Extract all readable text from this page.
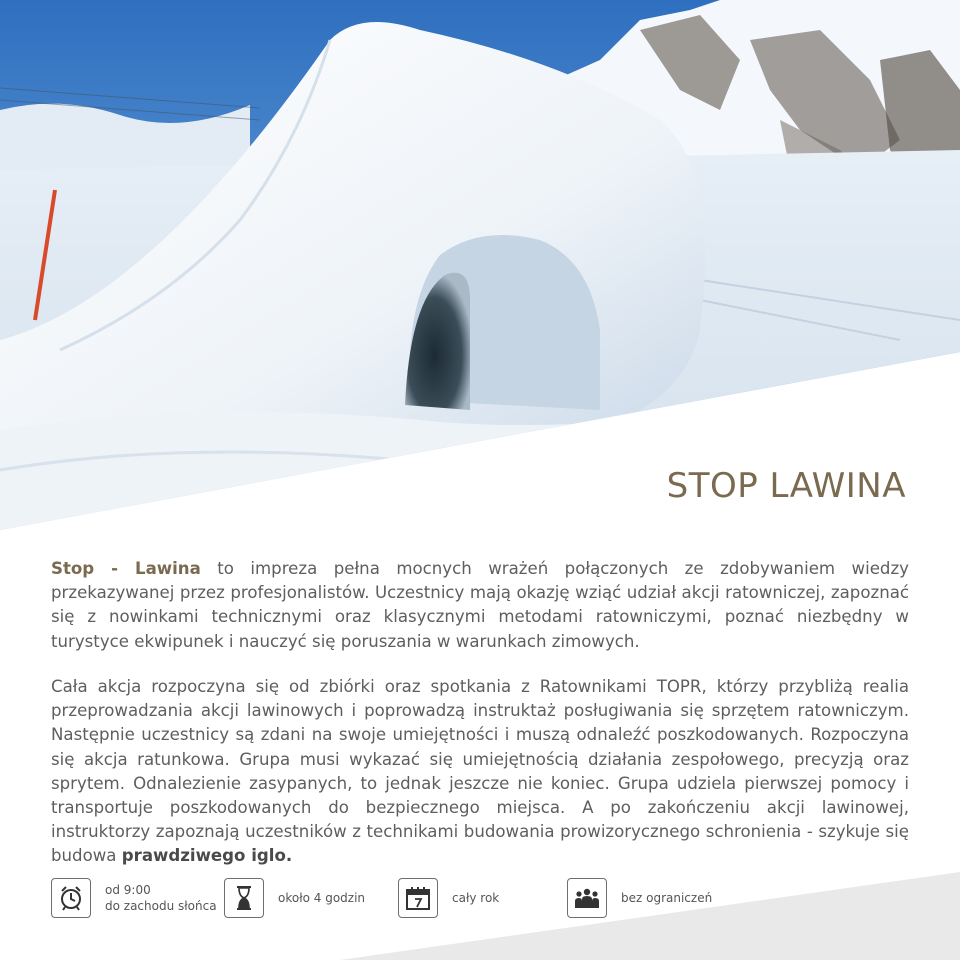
STOP LAWINA

Stop - Lawina to impreza pełna mocnych wrażeń połączonych ze zdobywaniem wiedzy przekazywanej przez profesjonalistów. Uczestnicy mają okazję wziąć udział akcji ratowniczej, zapoznać się z nowinkami technicznymi oraz klasycznymi metodami ratowniczymi, poznać niezbędny w turystyce ekwipunek i nauczyć się poruszania w warunkach zimowych.

Cała akcja rozpoczyna się od zbiórki oraz spotkania z Ratownikami TOPR, którzy przybliżą realia przeprowadzania akcji lawinowych i poprowadzą instruktaż posługiwania się sprzętem ratowniczym. Następnie uczestnicy są zdani na swoje umiejętności i muszą odnaleźć poszkodowanych. Rozpoczyna się akcja ratunkowa. Grupa musi wykazać się umiejętnością działania zespołowego, precyzją oraz sprytem. Odnalezienie zasypanych, to jednak jeszcze nie koniec. Grupa udziela pierwszej pomocy i transportuje poszkodowanych do bezpiecznego miejsca. A po zakończeniu akcji lawinowej, instruktorzy zapoznają uczestników z technikami budowania prowizorycznego schronienia - szykuje się budowa prawdziwego iglo.

od 9:00
do zachodu słońca
około 4 godzin	cały rok	bez ograniczeń
